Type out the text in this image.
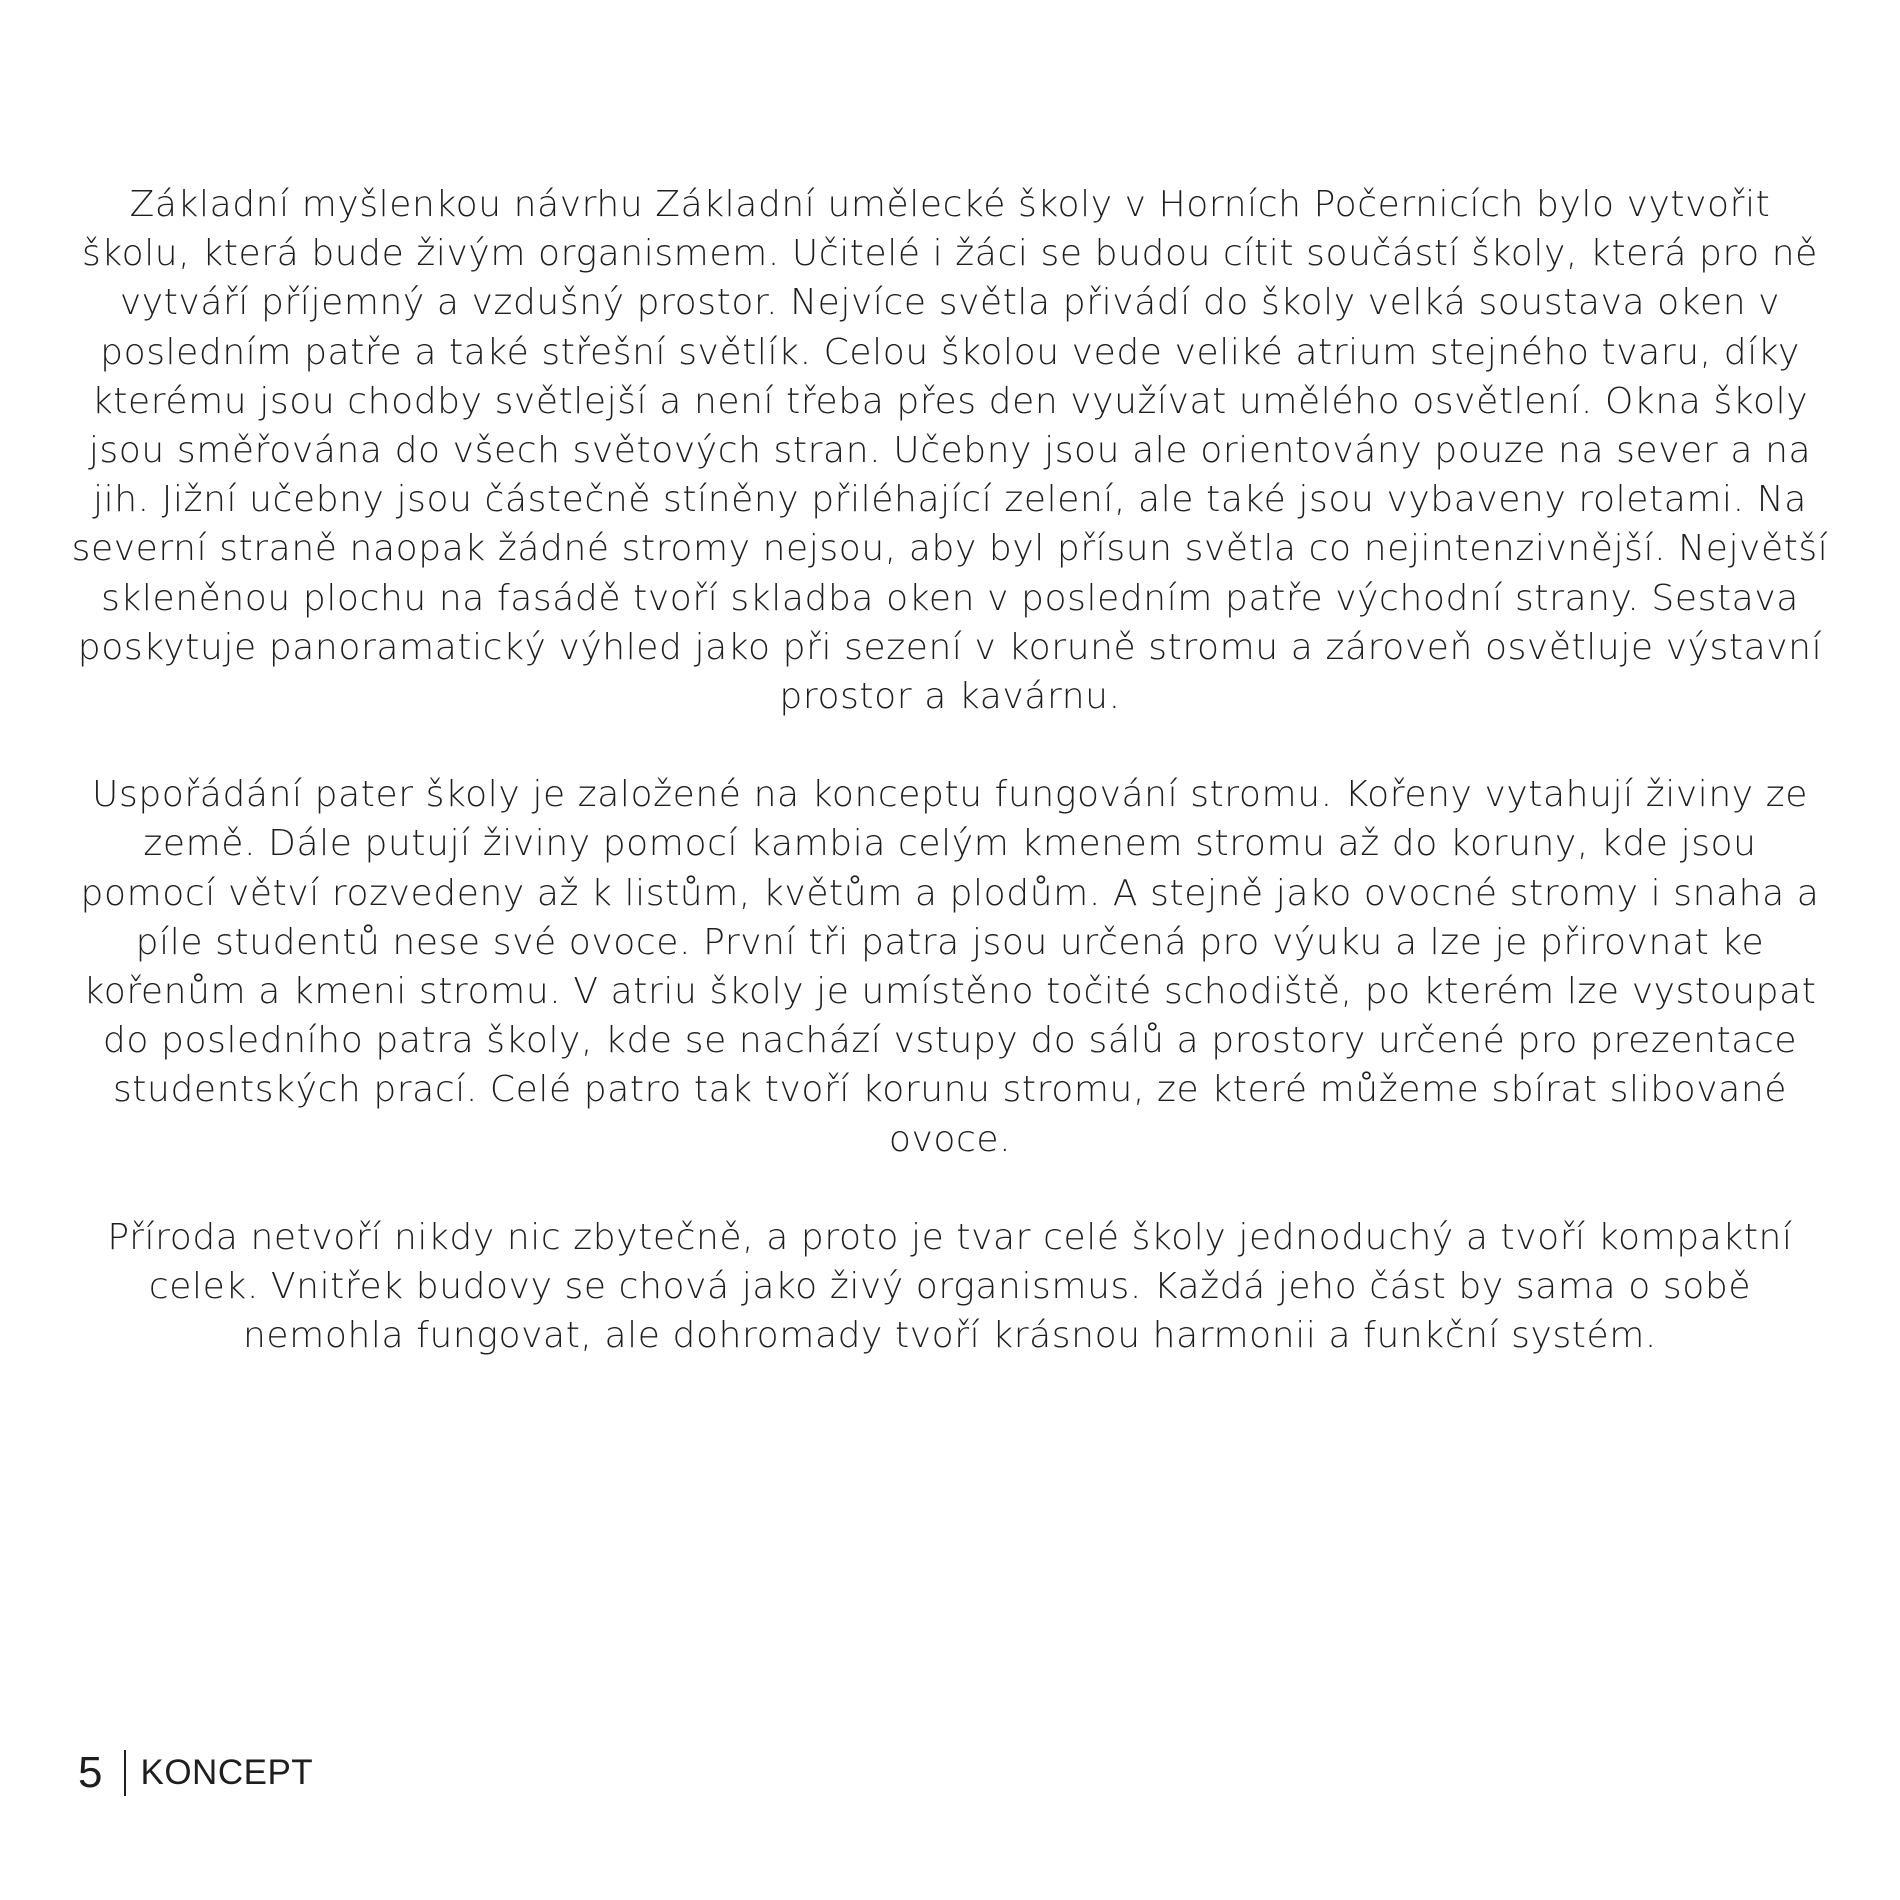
Základní myšlenkou návrhu Základní umělecké školy v Horních Počernicích bylo vytvořit školu, která bude živým organismem. Učitelé i žáci se budou cítit součástí školy, která pro ně vytváří příjemný a vzdušný prostor. Nejvíce světla přivádí do školy velká soustava oken v posledním patře a také střešní světlík. Celou školou vede veliké atrium stejného tvaru, díky kterému jsou chodby světlejší a není třeba přes den využívat umělého osvětlení. Okna školy jsou směřována do všech světových stran. Učebny jsou ale orientovány pouze na sever a na jih. Jižní učebny jsou částečně stíněny přiléhající zelení, ale také jsou vybaveny roletami. Na severní straně naopak žádné stromy nejsou, aby byl přísun světla co nejintenzivnější. Největší skleněnou plochu na fasádě tvoří skladba oken v posledním patře východní strany. Sestava poskytuje panoramatický výhled jako při sezení v koruně stromu a zároveň osvětluje výstavní prostor a kavárnu.

Uspořádání pater školy je založené na konceptu fungování stromu. Kořeny vytahují živiny ze země. Dále putují živiny pomocí kambia celým kmenem stromu až do koruny, kde jsou pomocí větví rozvedeny až k listům, květům a plodům. A stejně jako ovocné stromy i snaha a píle studentů nese své ovoce. První tři patra jsou určená pro výuku a lze je přirovnat ke kořenům a kmeni stromu. V atriu školy je umístěno točité schodiště, po kterém lze vystoupat do posledního patra školy, kde se nachází vstupy do sálů a prostory určené pro prezentace studentských prací. Celé patro tak tvoří korunu stromu, ze které můžeme sbírat slibované ovoce.

Příroda netvoří nikdy nic zbytečně, a proto je tvar celé školy jednoduchý a tvoří kompaktní celek. Vnitřek budovy se chová jako živý organismus. Každá jeho část by sama o sobě nemohla fungovat, ale dohromady tvoří krásnou harmonii a funkční systém.

5 KONCEPT
